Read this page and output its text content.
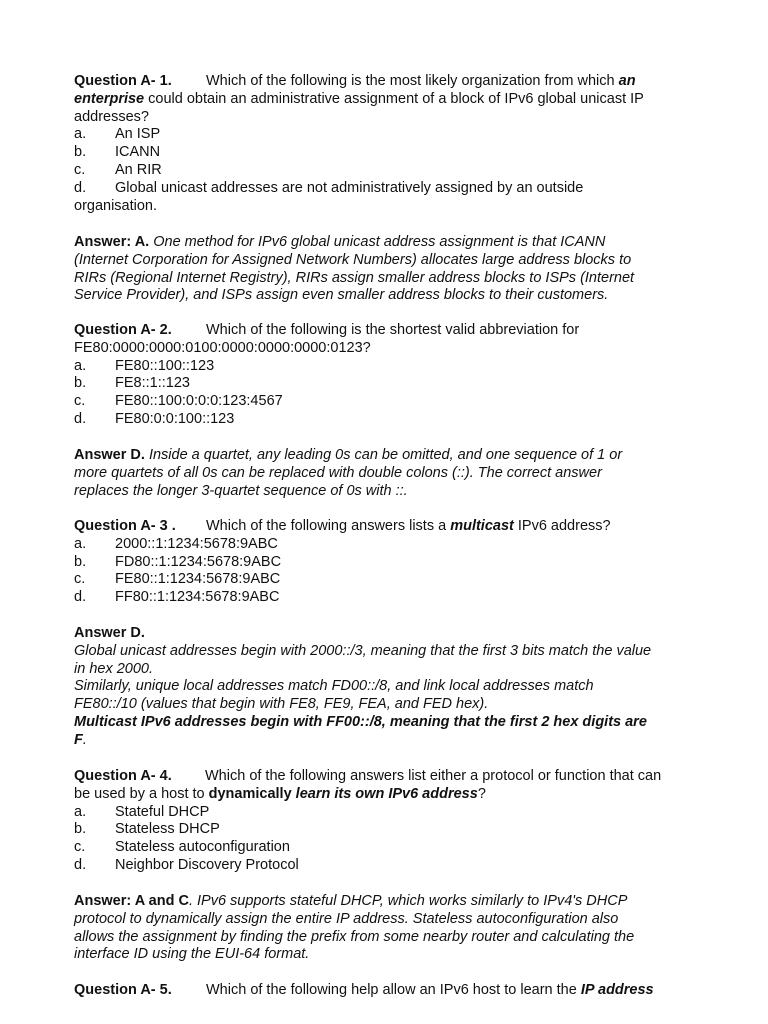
Question A- 1. Which of the following is the most likely organization from which an
enterprise could obtain an administrative assignment of a block of IPv6 global unicast IP
addresses?
a. An ISP
b. ICANN
c. An RIR
d. Global unicast addresses are not administratively assigned by an outside
organisation.
Answer: A. One method for IPv6 global unicast address assignment is that ICANN
(Internet Corporation for Assigned Network Numbers) allocates large address blocks to
RIRs (Regional Internet Registry), RIRs assign smaller address blocks to ISPs (Internet
Service Provider), and ISPs assign even smaller address blocks to their customers.
Question A- 2. Which of the following is the shortest valid abbreviation for
FE80:0000:0000:0100:0000:0000:0000:0123?
a. FE80::100::123
b. FE8::1::123
c. FE80::100:0:0:0:123:4567
d. FE80:0:0:100::123
Answer D. Inside a quartet, any leading 0s can be omitted, and one sequence of 1 or
more quartets of all 0s can be replaced with double colons (::). The correct answer
replaces the longer 3-quartet sequence of 0s with ::.
Question A- 3 . Which of the following answers lists a multicast IPv6 address?
a. 2000::1:1234:5678:9ABC
b. FD80::1:1234:5678:9ABC
c. FE80::1:1234:5678:9ABC
d. FF80::1:1234:5678:9ABC
Answer D.
Global unicast addresses begin with 2000::/3, meaning that the first 3 bits match the value
in hex 2000.
Similarly, unique local addresses match FD00::/8, and link local addresses match
FE80::/10 (values that begin with FE8, FE9, FEA, and FED hex).
Multicast IPv6 addresses begin with FF00::/8, meaning that the first 2 hex digits are
F.
Question A- 4. Which of the following answers list either a protocol or function that can
be used by a host to dynamically learn its own IPv6 address?
a. Stateful DHCP
b. Stateless DHCP
c. Stateless autoconfiguration
d. Neighbor Discovery Protocol
Answer: A and C. IPv6 supports stateful DHCP, which works similarly to IPv4's DHCP
protocol to dynamically assign the entire IP address. Stateless autoconfiguration also
allows the assignment by finding the prefix from some nearby router and calculating the
interface ID using the EUI-64 format.
Question A- 5. Which of the following help allow an IPv6 host to learn the IP address
